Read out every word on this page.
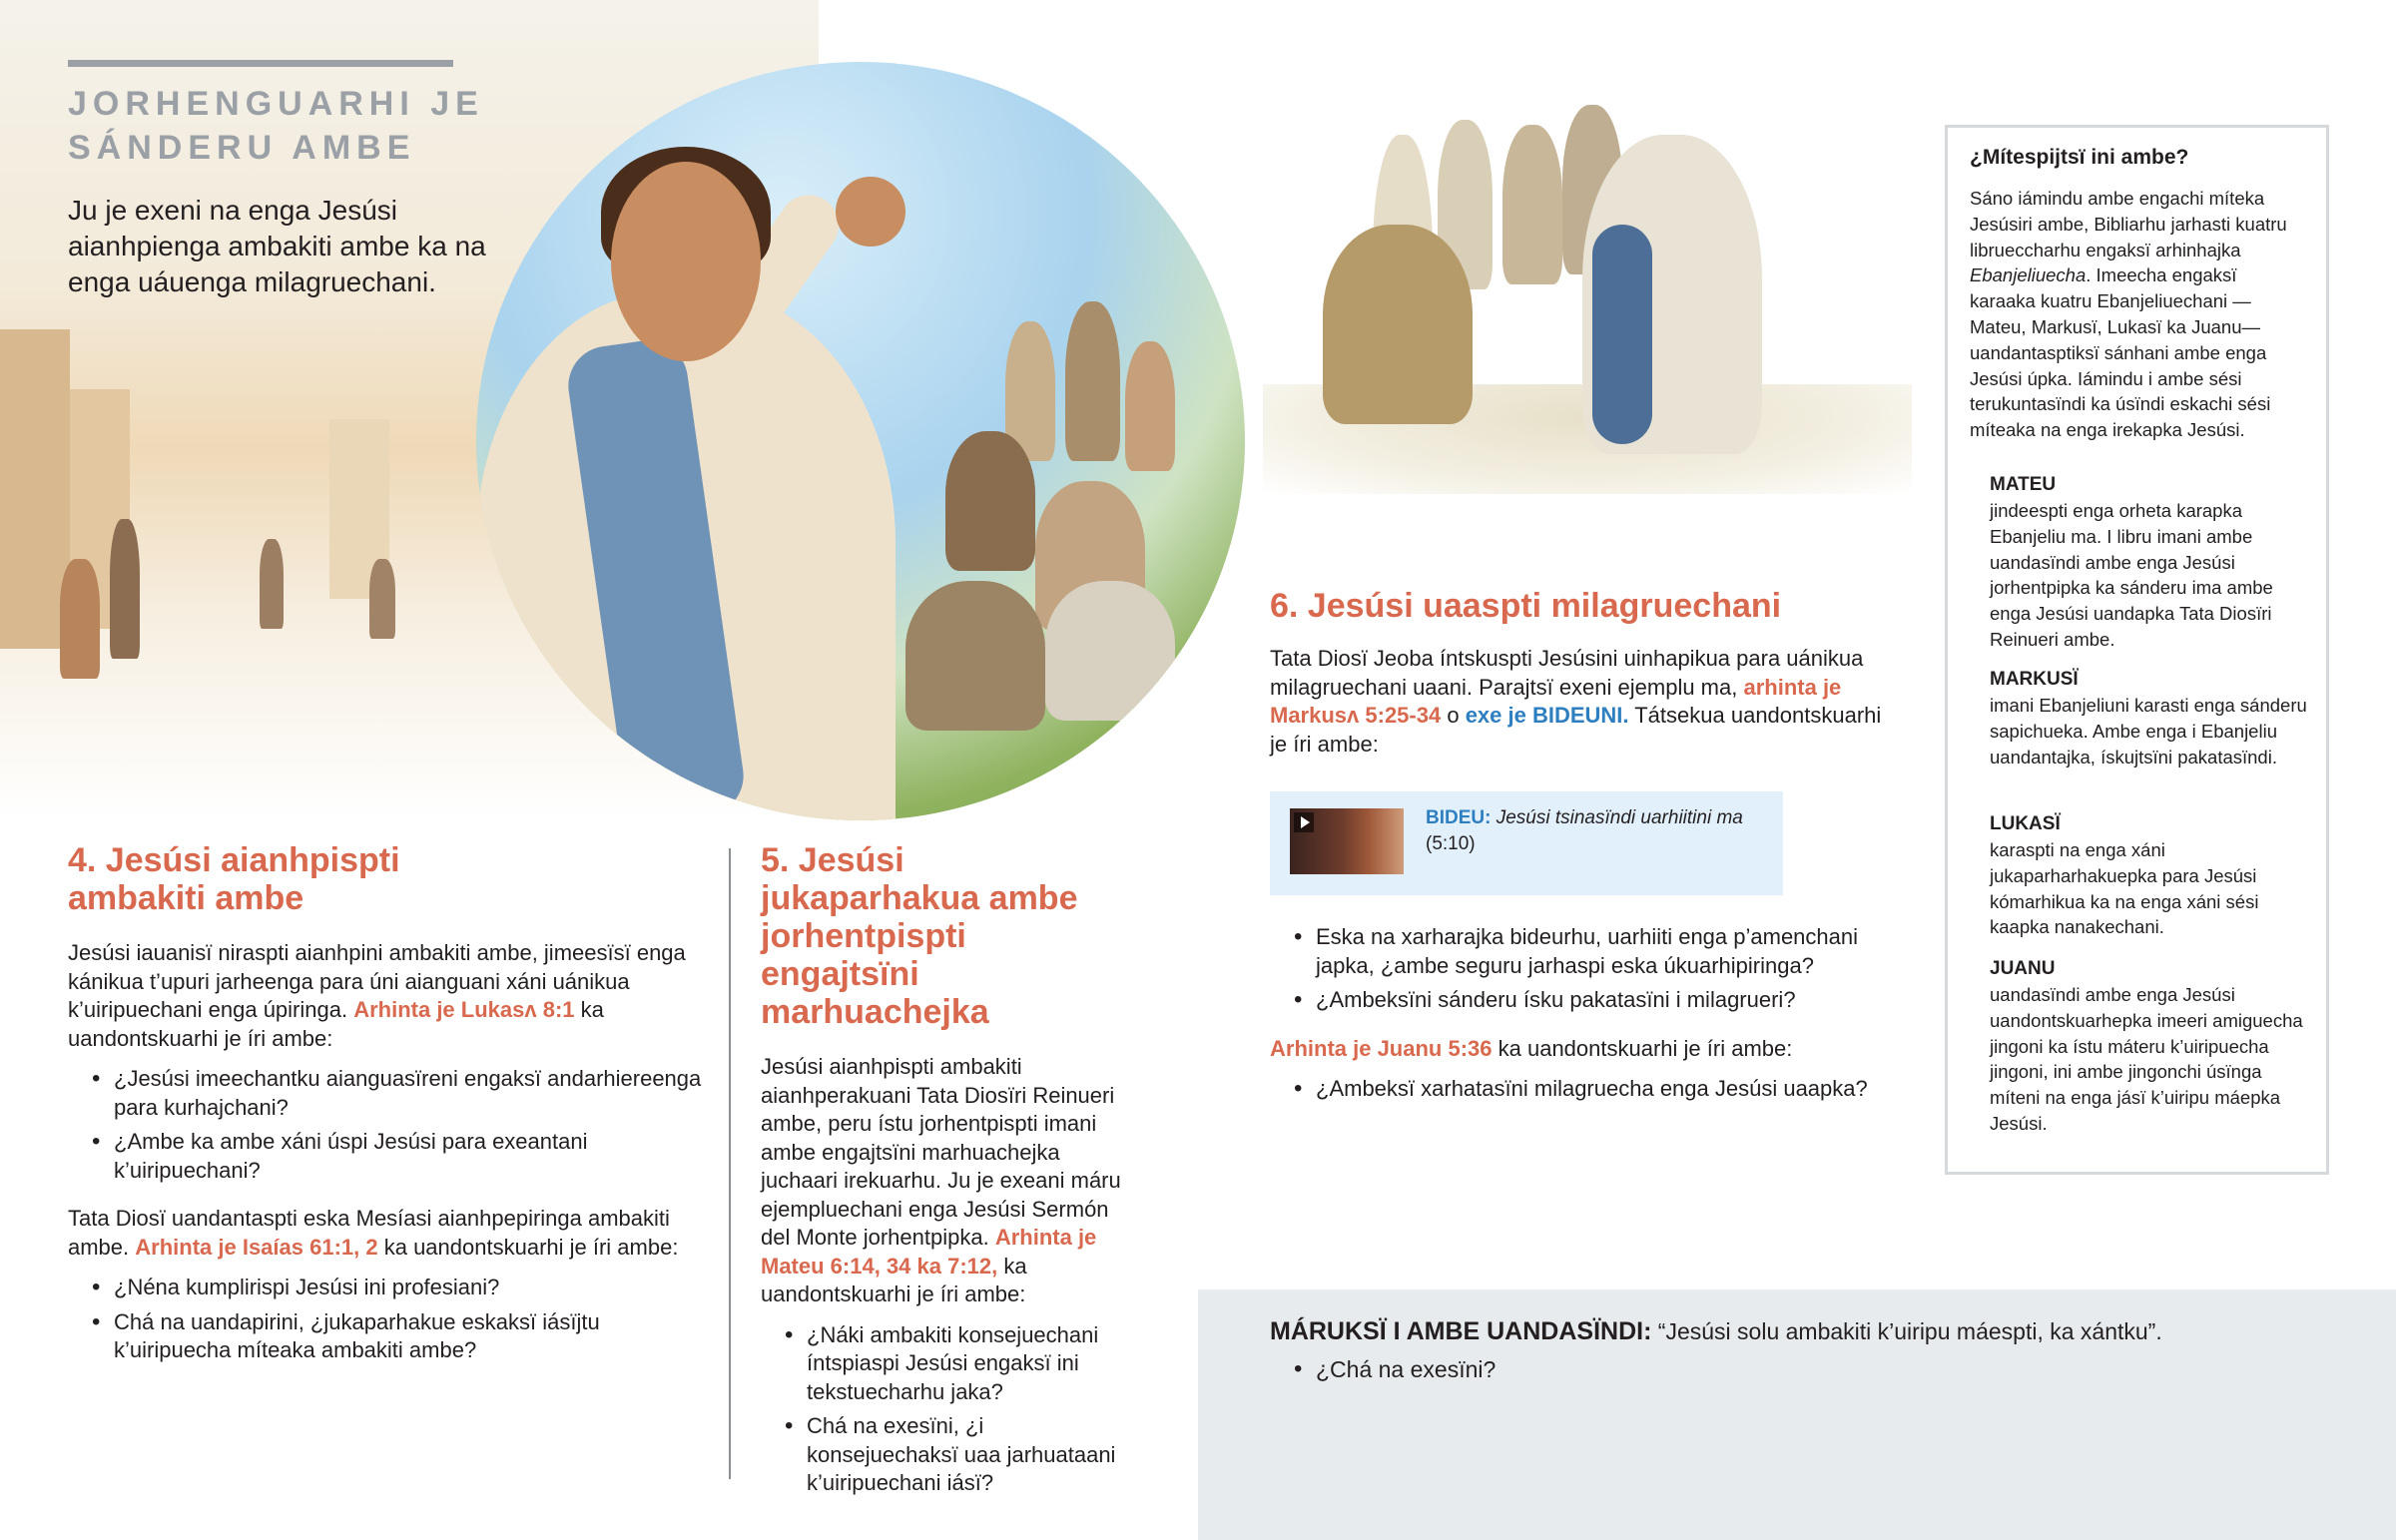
JORHENGUARHI JE
SÁNDERU AMBE
Ju je exeni na enga Jesúsi aianhpienga ambakiti ambe ka na enga uáuenga milagruechani.
4. Jesúsi aianhpispti ambakiti ambe

Jesúsi iauanisï niraspti aianhpini ambakiti ambe, jimeesïsï enga kánikua t’upuri jarheenga para úni aianguani xáni uánikua k’uiripuechani enga úpiringa. Arhinta je Lukasʌ 8:1 ka uandontskuarhi je íri ambe:

• ¿Jesúsi imeechantku aianguasïreni engaksï andarhiereenga para kurhajchani?
• ¿Ambe ka ambe xáni úspi Jesúsi para exeantani k’uiripuechani?

Tata Diosï uandantaspti eska Mesíasi aianhpepiringa ambakiti ambe. Arhinta je Isaías 61:1, 2 ka uandontskuarhi je íri ambe:

• ¿Néna kumplirispi Jesúsi ini profesiani?
• Chá na uandapirini, ¿jukaparhakue eskaksï iásïjtu k’uiripuecha míteaka ambakiti ambe?
5. Jesúsi jukaparhakua ambe jorhentpispti engajtsïni marhuachejka

Jesúsi aianhpispti ambakiti aianhperakuani Tata Diosïri Reinueri ambe, peru ístu jorhentpispti imani ambe engajtsïni marhuachejka juchaari irekuarhu. Ju je exeani máru ejempluechani enga Jesúsi Sermón del Monte jorhentpipka. Arhinta je Mateu 6:14, 34 ka 7:12, ka uandontskuarhi je íri ambe:

• ¿Náki ambakiti konsejuechani íntspiaspi Jesúsi engaksï ini tekstuecharhu jaka?
• Chá na exesïni, ¿i konsejuechaksï uaa jarhuataani k’uiripuechani iásï?
6. Jesúsi uaaspti milagruechani

Tata Diosï Jeoba íntskuspti Jesúsini uinhapikua para uánikua milagruechani uaani. Parajtsï exeni ejemplu ma, arhinta je Markusʌ 5:25-34 o exe je BIDEUNI. Tátsekua uandontskuarhi je íri ambe:

BIDEU: Jesúsi tsinasïndi uarhiitini ma
(5:10)
• Eska na xarharajka bideurhu, uarhiiti enga p’amenchani japka, ¿ambe seguru jarhaspi eska úkuarhipiringa?
• ¿Ambeksïni sánderu ísku pakatasïni i milagrueri?

Arhinta je Juanu 5:36 ka uandontskuarhi je íri ambe:

• ¿Ambeksï xarhatasïni milagruecha enga Jesúsi uaapka?
¿Mítespijtsï ini ambe?
Sáno iámindu ambe engachi míteka Jesúsiri ambe, Bibliarhu jarhasti kuatru librueccharhu engaksï arhinhajka Ebanjeliuecha. Imeecha engaksï karaaka kuatru Ebanjeliuechani —Mateu, Markusï, Lukasï ka Juanu— uandantasptiksï sánhani ambe enga Jesúsi úpka. Iámindu i ambe sési terukuntasïndi ka úsïndi eskachi sési míteaka na enga irekapka Jesúsi.
MATEU
jindeespti enga orheta karapka Ebanjeliu ma. I libru imani ambe uandasïndi ambe enga Jesúsi jorhentpipka ka sánderu ima ambe enga Jesúsi uandapka Tata Diosïri Reinueri ambe.
MARKUSÏ
imani Ebanjeliuni karasti enga sánderu sapichueka. Ambe enga i Ebanjeliu uandantajka, ískujtsïni pakatasïndi.
LUKASÏ
karaspti na enga xáni jukaparharhakuepka para Jesúsi kómarhikua ka na enga xáni sési kaapka nanakechani.
JUANU
uandasïndi ambe enga Jesúsi uandontskuarhepka imeeri amiguecha jingoni ka ístu máteru k’uiripuecha jingoni, ini ambe jingonchi úsïnga míteni na enga jásï k’uiripu máepka Jesúsi.

MÁRUKSÏ I AMBE UANDASÏNDI: “Jesúsi solu ambakiti k’uiripu máespti, ka xántku”.

• ¿Chá na exesïni?
